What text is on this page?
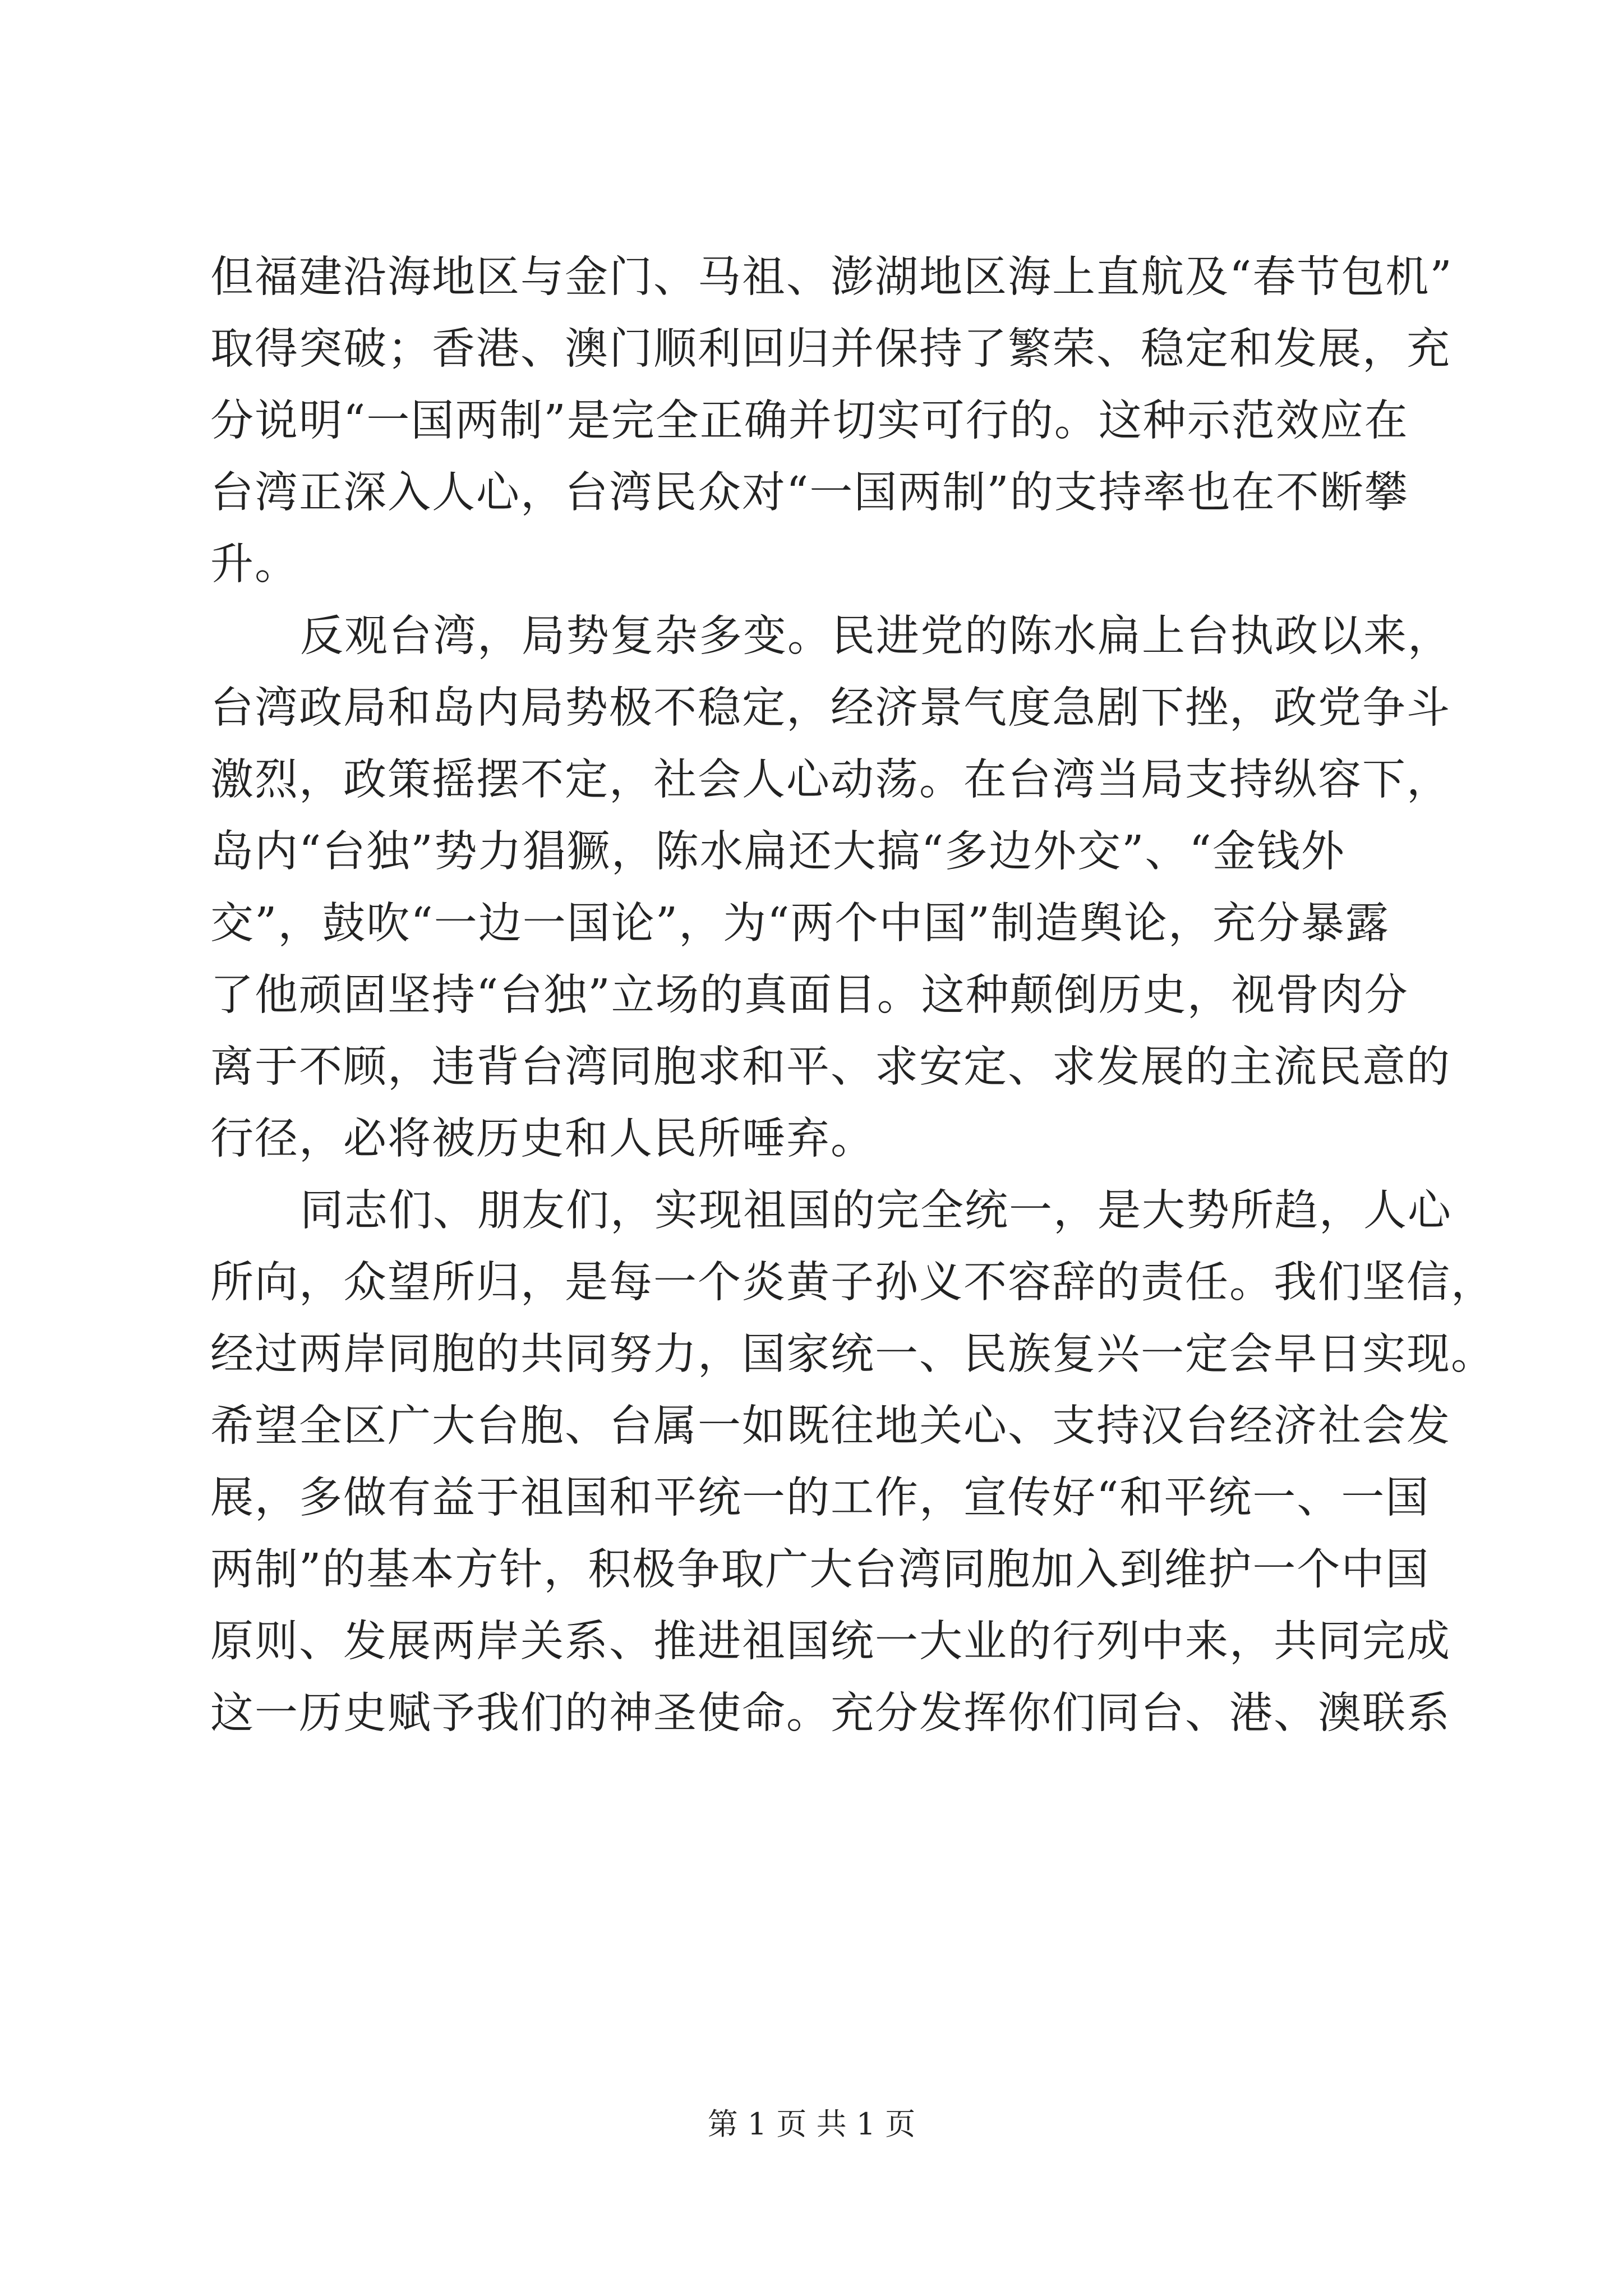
但福建沿海地区与金门、马祖、澎湖地区海上直航及“春节包机”
取得突破；香港、澳门顺利回归并保持了繁荣、稳定和发展，充
分说明“一国两制”是完全正确并切实可行的。这种示范效应在
台湾正深入人心，台湾民众对“一国两制”的支持率也在不断攀
升。
反观台湾，局势复杂多变。民进党的陈水扁上台执政以来，
台湾政局和岛内局势极不稳定，经济景气度急剧下挫，政党争斗
激烈，政策摇摆不定，社会人心动荡。在台湾当局支持纵容下，
岛内“台独”势力猖獗，陈水扁还大搞“多边外交”、“金钱外
交”，鼓吹“一边一国论”，为“两个中国”制造舆论，充分暴露
了他顽固坚持“台独”立场的真面目。这种颠倒历史，视骨肉分
离于不顾，违背台湾同胞求和平、求安定、求发展的主流民意的
行径，必将被历史和人民所唾弃。
同志们、朋友们，实现祖国的完全统一，是大势所趋，人心
所向，众望所归，是每一个炎黄子孙义不容辞的责任。我们坚信，
经过两岸同胞的共同努力，国家统一、民族复兴一定会早日实现。
希望全区广大台胞、台属一如既往地关心、支持汉台经济社会发
展，多做有益于祖国和平统一的工作，宣传好“和平统一、一国
两制”的基本方针，积极争取广大台湾同胞加入到维护一个中国
原则、发展两岸关系、推进祖国统一大业的行列中来，共同完成
这一历史赋予我们的神圣使命。充分发挥你们同台、港、澳联系
第 1 页 共 1 页
